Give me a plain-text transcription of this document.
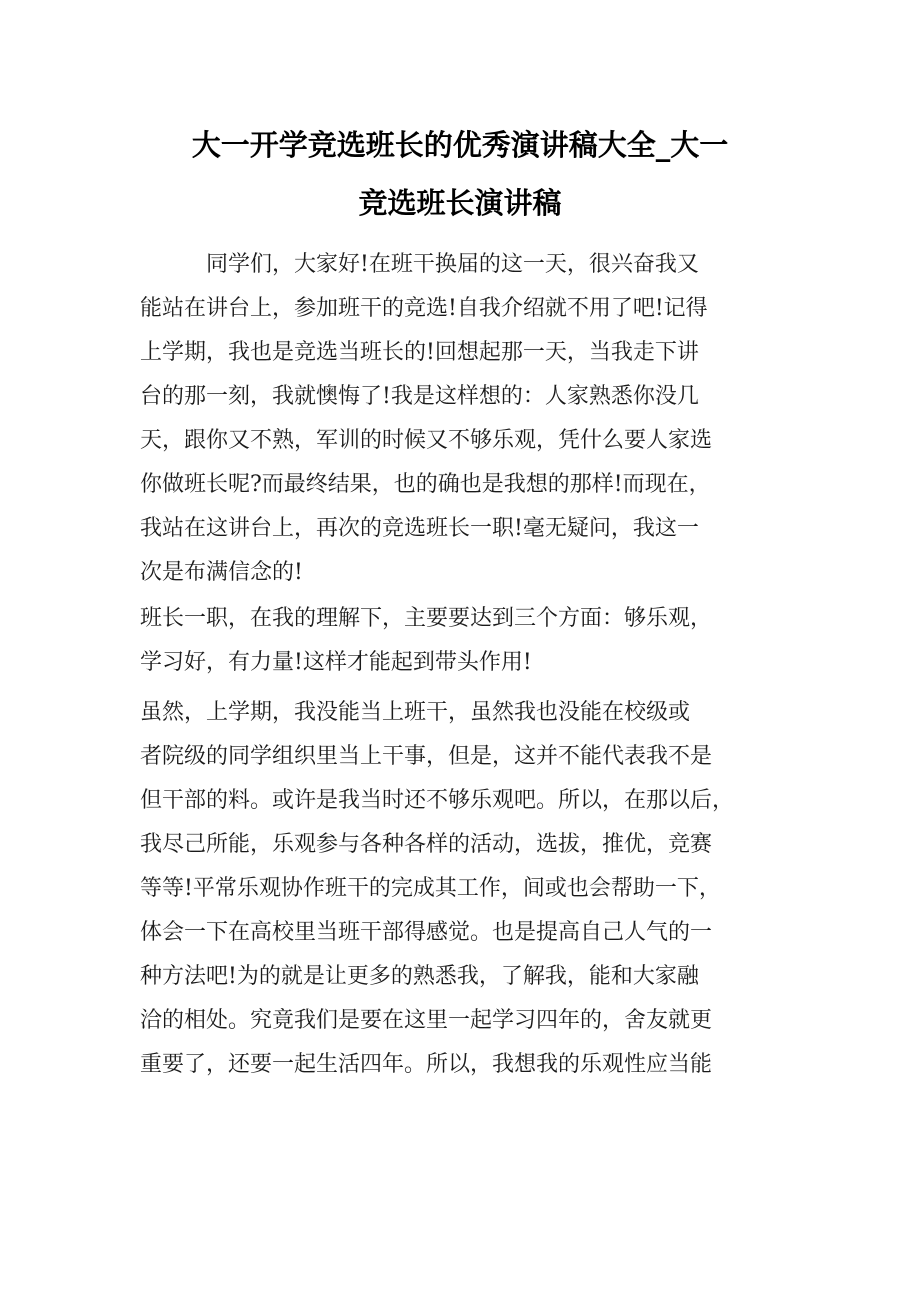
大一开学竞选班长的优秀演讲稿大全_大一
竞选班长演讲稿

　　　同学们，大家好!在班干换届的这一天，很兴奋我又
能站在讲台上，参加班干的竞选!自我介绍就不用了吧!记得
上学期，我也是竞选当班长的!回想起那一天，当我走下讲
台的那一刻，我就懊悔了!我是这样想的：人家熟悉你没几
天，跟你又不熟，军训的时候又不够乐观，凭什么要人家选
你做班长呢?而最终结果，也的确也是我想的那样!而现在，
我站在这讲台上，再次的竞选班长一职!毫无疑问，我这一
次是布满信念的!

班长一职，在我的理解下，主要要达到三个方面：够乐观，
学习好，有力量!这样才能起到带头作用!

虽然，上学期，我没能当上班干，虽然我也没能在校级或
者院级的同学组织里当上干事，但是，这并不能代表我不是
但干部的料。或许是我当时还不够乐观吧。所以，在那以后，
我尽己所能，乐观参与各种各样的活动，选拔，推优，竞赛
等等!平常乐观协作班干的完成其工作，间或也会帮助一下，
体会一下在高校里当班干部得感觉。也是提高自己人气的一
种方法吧!为的就是让更多的熟悉我，了解我，能和大家融
洽的相处。究竟我们是要在这里一起学习四年的，舍友就更
重要了，还要一起生活四年。所以，我想我的乐观性应当能
